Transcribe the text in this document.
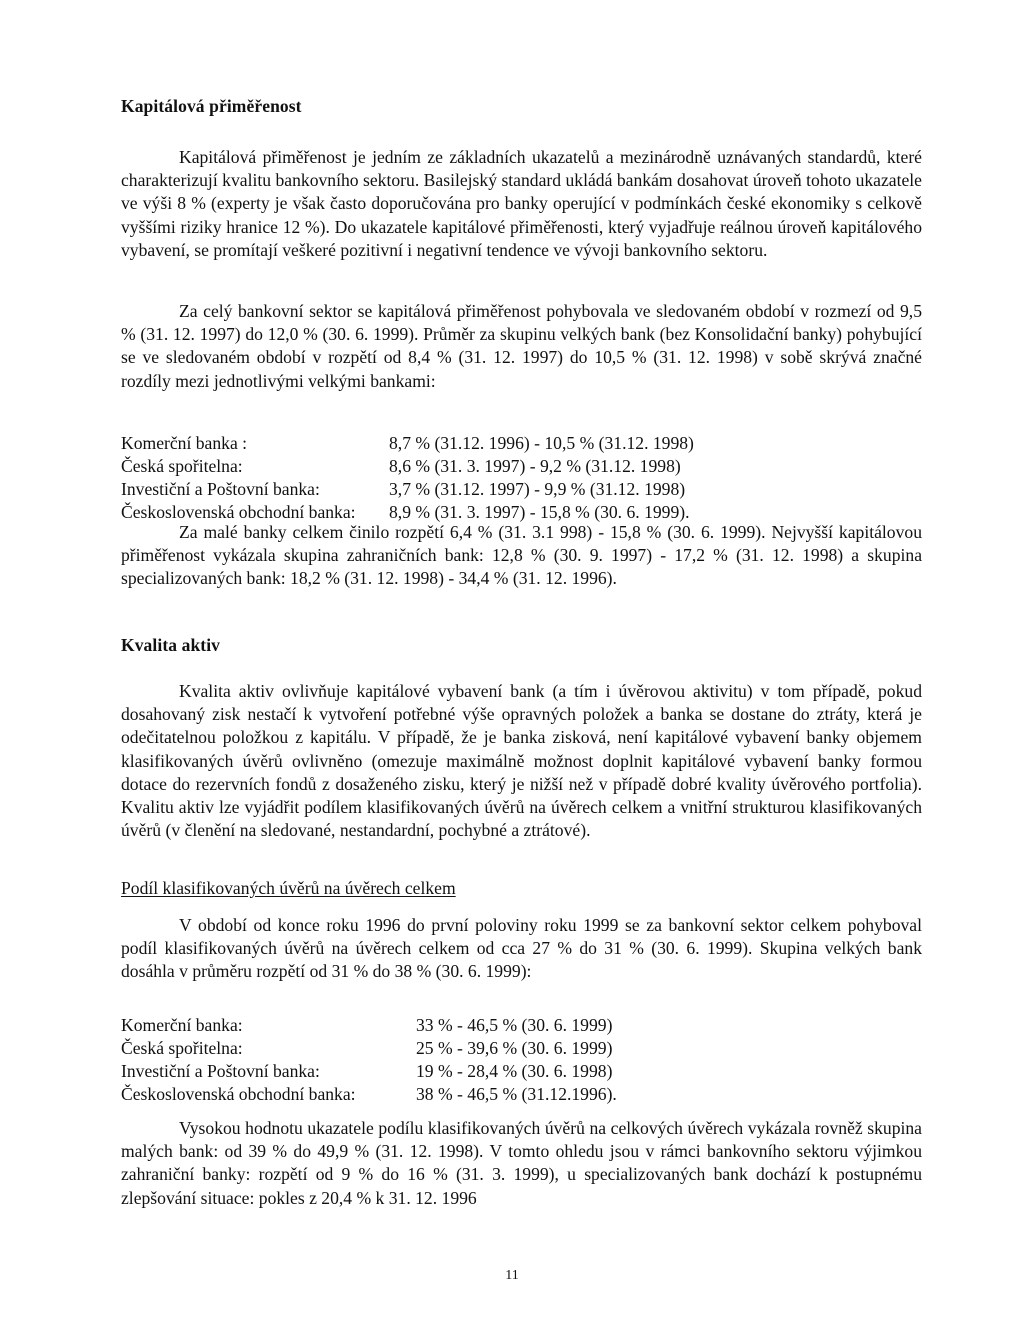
Kapitálová přiměřenost

Kapitálová přiměřenost je jedním ze základních ukazatelů a mezinárodně uznávaných standardů, které charakterizují kvalitu bankovního sektoru. Basilejský standard ukládá bankám dosahovat úroveň tohoto ukazatele ve výši 8 % (experty je však často doporučována pro banky operující v podmínkách české ekonomiky s celkově vyššími riziky hranice 12 %). Do ukazatele kapitálové přiměřenosti, který vyjadřuje reálnou úroveň kapitálového vybavení, se promítají veškeré pozitivní i negativní tendence ve vývoji bankovního sektoru.

Za celý bankovní sektor se kapitálová přiměřenost pohybovala ve sledovaném období v rozmezí od 9,5 % (31. 12. 1997) do 12,0 % (30. 6. 1999). Průměr za skupinu velkých bank (bez Konsolidační banky) pohybující se ve sledovaném období v rozpětí od 8,4 % (31. 12. 1997) do 10,5 % (31. 12. 1998) v sobě skrývá značné rozdíly mezi jednotlivými velkými bankami:

Komerční banka :	8,7 % (31.12. 1996) - 10,5 % (31.12. 1998)
Česká spořitelna:	8,6 % (31. 3. 1997) - 9,2 % (31.12. 1998)
Investiční a Poštovní banka:	3,7 % (31.12. 1997) - 9,9 % (31.12. 1998)
Československá obchodní banka:	8,9 % (31. 3. 1997) - 15,8 % (30. 6. 1999).

Za malé banky celkem činilo rozpětí 6,4 % (31. 3.1 998) - 15,8 % (30. 6. 1999). Nejvyšší kapitálovou přiměřenost vykázala skupina zahraničních bank: 12,8 % (30. 9. 1997) - 17,2 % (31. 12. 1998) a skupina specializovaných bank: 18,2 % (31. 12. 1998) - 34,4 % (31. 12. 1996).

Kvalita aktiv

Kvalita aktiv ovlivňuje kapitálové vybavení bank (a tím i úvěrovou aktivitu) v tom případě, pokud dosahovaný zisk nestačí k vytvoření potřebné výše opravných položek a banka se dostane do ztráty, která je odečitatelnou položkou z kapitálu. V případě, že je banka zisková, není kapitálové vybavení banky objemem klasifikovaných úvěrů ovlivněno (omezuje maximálně možnost doplnit kapitálové vybavení banky formou dotace do rezervních fondů z dosaženého zisku, který je nižší než v případě dobré kvality úvěrového portfolia). Kvalitu aktiv lze vyjádřit podílem klasifikovaných úvěrů na úvěrech celkem a vnitřní strukturou klasifikovaných úvěrů (v členění na sledované, nestandardní, pochybné a ztrátové).

Podíl klasifikovaných úvěrů na úvěrech celkem

V období od konce roku 1996 do první poloviny roku 1999 se za bankovní sektor celkem pohyboval podíl klasifikovaných úvěrů na úvěrech celkem od cca 27 % do 31 % (30. 6. 1999). Skupina velkých bank dosáhla v průměru rozpětí od 31 % do 38 % (30. 6. 1999):

Komerční banka:	33 % - 46,5 % (30. 6. 1999)
Česká spořitelna:	25 % - 39,6 % (30. 6. 1999)
Investiční a Poštovní banka:	19 % - 28,4 % (30. 6. 1998)
Československá obchodní banka:	38 % - 46,5 % (31.12.1996).

Vysokou hodnotu ukazatele podílu klasifikovaných úvěrů na celkových úvěrech vykázala rovněž skupina malých bank: od 39 % do 49,9 % (31. 12. 1998). V tomto ohledu jsou v rámci bankovního sektoru výjimkou zahraniční banky: rozpětí od 9 % do 16 % (31. 3. 1999), u specializovaných bank dochází k postupnému zlepšování situace: pokles z 20,4 % k 31. 12. 1996

11
